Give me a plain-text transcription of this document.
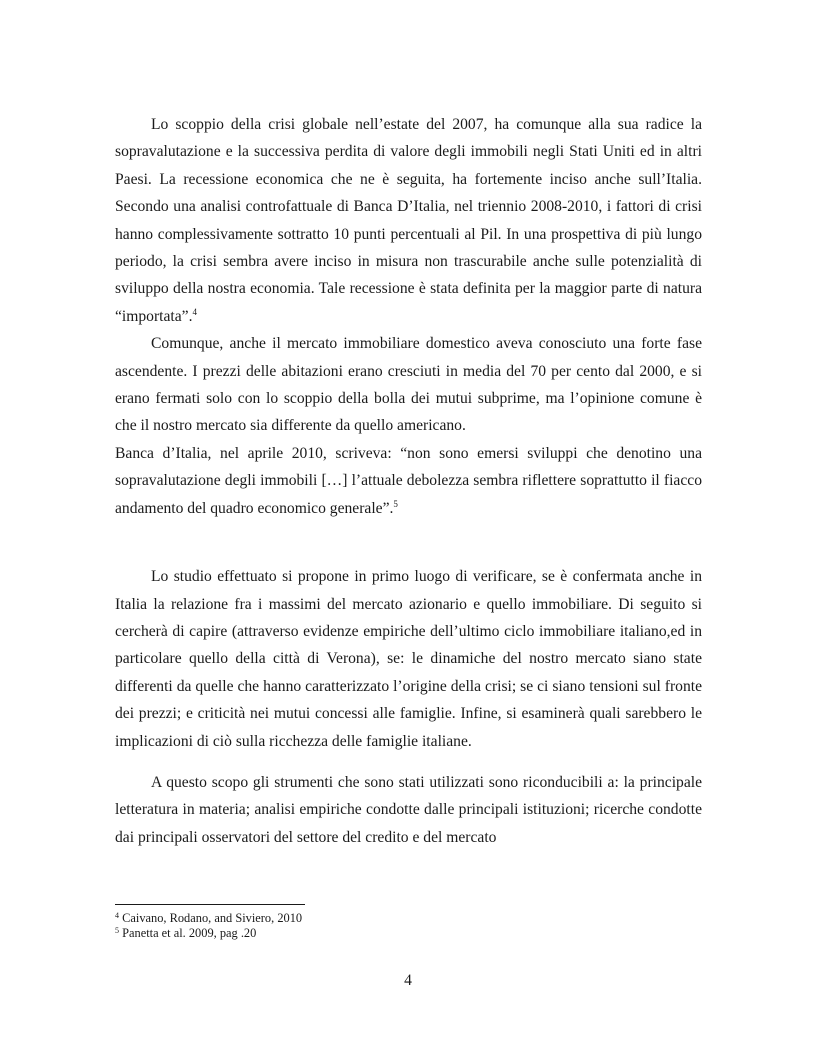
Lo scoppio della crisi globale nell’estate del 2007, ha comunque alla sua radice la sopravalutazione e la successiva perdita di valore degli immobili negli Stati Uniti ed in altri Paesi. La recessione economica che ne è seguita, ha fortemente inciso anche sull’Italia. Secondo una analisi controfattuale di Banca D’Italia, nel triennio 2008-2010, i fattori di crisi hanno complessivamente sottratto 10 punti percentuali al Pil. In una prospettiva di più lungo periodo, la crisi sembra avere inciso in misura non trascurabile anche sulle potenzialità di sviluppo della nostra economia. Tale recessione è stata definita per la maggior parte di natura “importata”.$^4$

Comunque, anche il mercato immobiliare domestico aveva conosciuto una forte fase ascendente. I prezzi delle abitazioni erano cresciuti in media del 70 per cento dal 2000, e si erano fermati solo con lo scoppio della bolla dei mutui subprime, ma l’opinione comune è che il nostro mercato sia differente da quello americano.

Banca d’Italia, nel aprile 2010, scriveva: “non sono emersi sviluppi che denotino una sopravalutazione degli immobili […] l’attuale debolezza sembra riflettere soprattutto il fiacco andamento del quadro economico generale”.$^5$

Lo studio effettuato si propone in primo luogo di verificare, se è confermata anche in Italia la relazione fra i massimi del mercato azionario e quello immobiliare. Di seguito si cercherà di capire (attraverso evidenze empiriche dell’ultimo ciclo immobiliare italiano,ed in particolare quello della città di Verona), se: le dinamiche del nostro mercato siano state differenti da quelle che hanno caratterizzato l’origine della crisi; se ci siano tensioni sul fronte dei prezzi; e criticità nei mutui concessi alle famiglie. Infine, si esaminerà quali sarebbero le implicazioni di ciò sulla ricchezza delle famiglie italiane.

A questo scopo gli strumenti che sono stati utilizzati sono riconducibili a: la principale letteratura in materia; analisi empiriche condotte dalle principali istituzioni; ricerche condotte dai principali osservatori del settore del credito e del mercato

$^4$ Caivano, Rodano, and Siviero, 2010
$^5$ Panetta et al. 2009, pag .20
4
